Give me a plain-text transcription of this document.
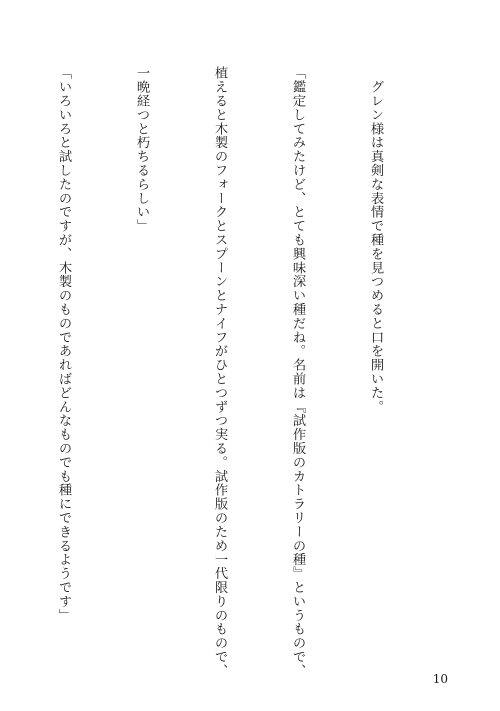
　グレン様は真剣な表情で種を見つめると口を開いた。

「鑑定してみたけど、とても興味深い種だね。名前は『試作版のカトラリーの種』というもので、

植えると木製のフォークとスプーンとナイフがひとつずつ実る。試作版のため一代限りのもので、

一晩経つと朽ちるらしい」

「いろいろと試したのですが、木製のものであればどんなものでも種にできるようです」

10
